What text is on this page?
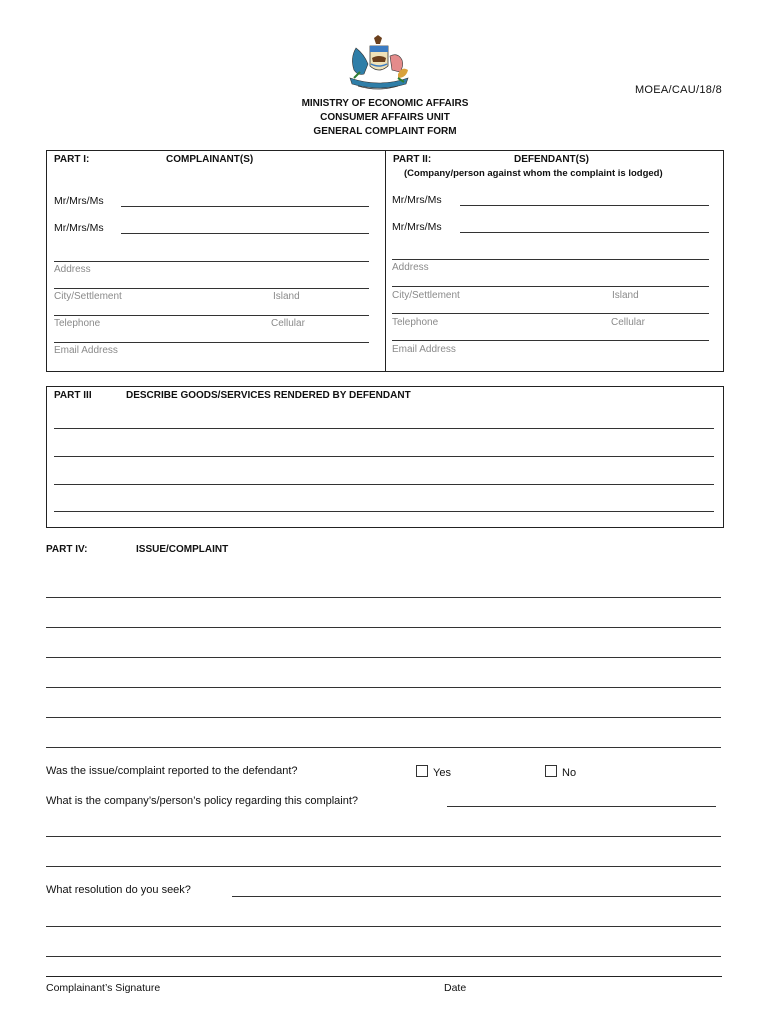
MOEA/CAU/18/8
MINISTRY OF ECONOMIC AFFAIRS
CONSUMER AFFAIRS UNIT
GENERAL COMPLAINT FORM
PART I:	COMPLAINANT(S)
Mr/Mrs/Ms
Mr/Mrs/Ms
Address
City/Settlement	Island
Telephone	Cellular
Email Address
PART II:	DEFENDANT(S)
(Company/person against whom the complaint is lodged)
Mr/Mrs/Ms
Mr/Mrs/Ms
Address
City/Settlement	Island
Telephone	Cellular
Email Address
PART III	DESCRIBE GOODS/SERVICES RENDERED BY DEFENDANT
PART IV:	ISSUE/COMPLAINT
Was the issue/complaint reported to the defendant?	Yes	No
What is the company’s/person’s policy regarding this complaint?
What resolution do you seek?
Complainant’s Signature	Date
